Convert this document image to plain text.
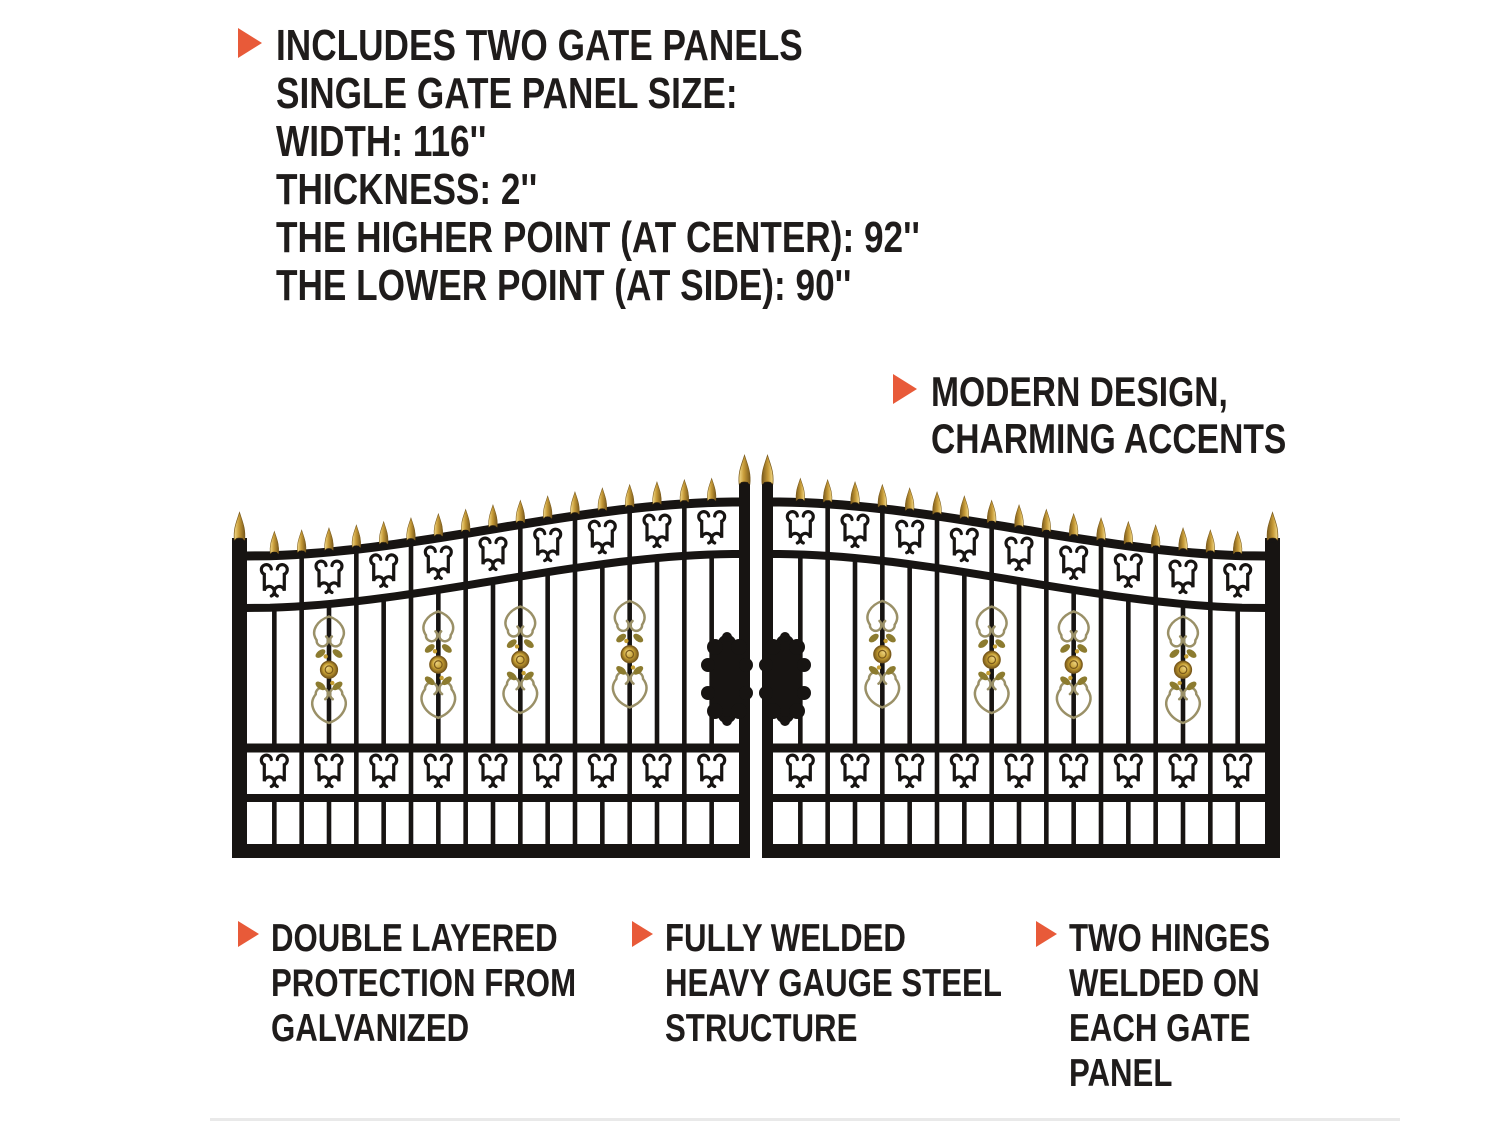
INCLUDES TWO GATE PANELS
SINGLE GATE PANEL SIZE:
WIDTH: 116''
THICKNESS: 2''
THE HIGHER POINT (AT CENTER): 92''
THE LOWER POINT (AT SIDE): 90''
MODERN DESIGN,
CHARMING ACCENTS
DOUBLE LAYERED
PROTECTION FROM
GALVANIZED
FULLY WELDED
HEAVY GAUGE STEEL
STRUCTURE
TWO HINGES
WELDED ON
EACH GATE
PANEL
